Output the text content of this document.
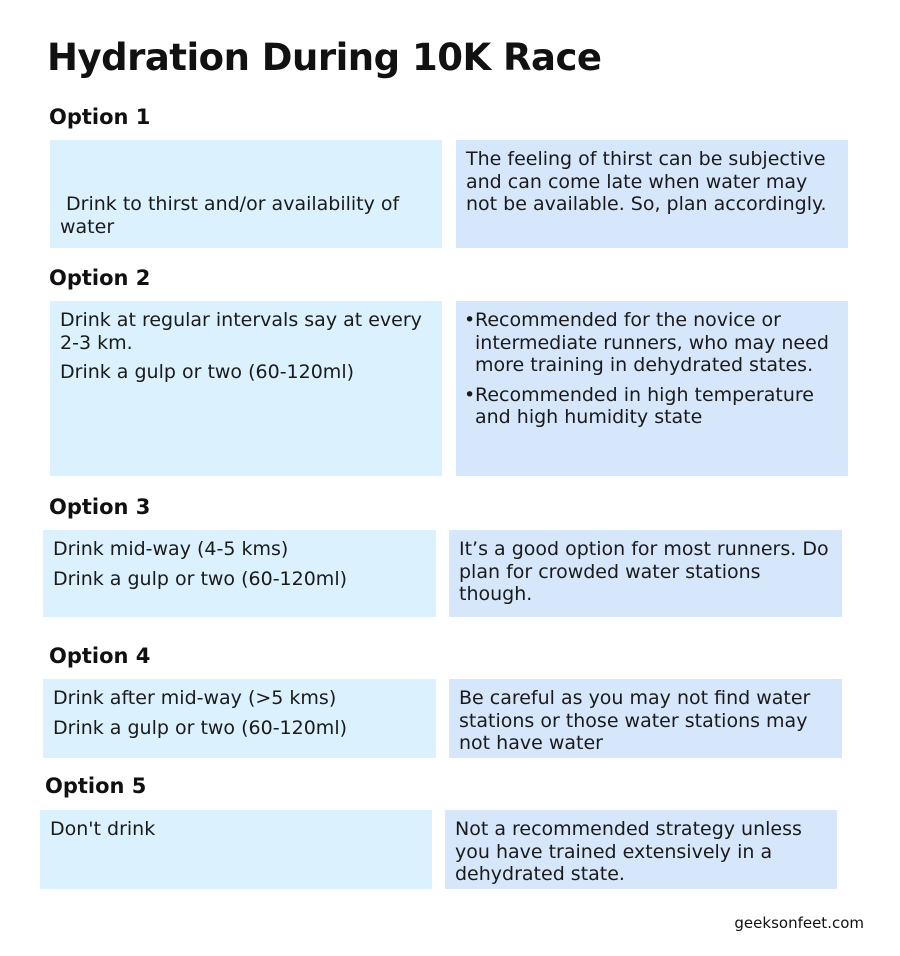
Hydration During 10K Race
Option 1

Drink to thirst and/or availability of water

The feeling of thirst can be subjective and can come late when water may not be available. So, plan accordingly.

Option 2

Drink at regular intervals say at every 2-3 km.

Drink a gulp or two (60-120ml)

• Recommended for the novice or intermediate runners, who may need more training in dehydrated states.
• Recommended in high temperature and high humidity state
Option 3

Drink mid-way (4-5 kms)

Drink a gulp or two (60-120ml)

It’s a good option for most runners. Do plan for crowded water stations though.

Option 4

Drink after mid-way (>5 kms)

Drink a gulp or two (60-120ml)

Be careful as you may not find water stations or those water stations may not have water

Option 5

Don't drink	Not a recommended strategy unless you have trained extensively in a dehydrated state.

geeksonfeet.com
